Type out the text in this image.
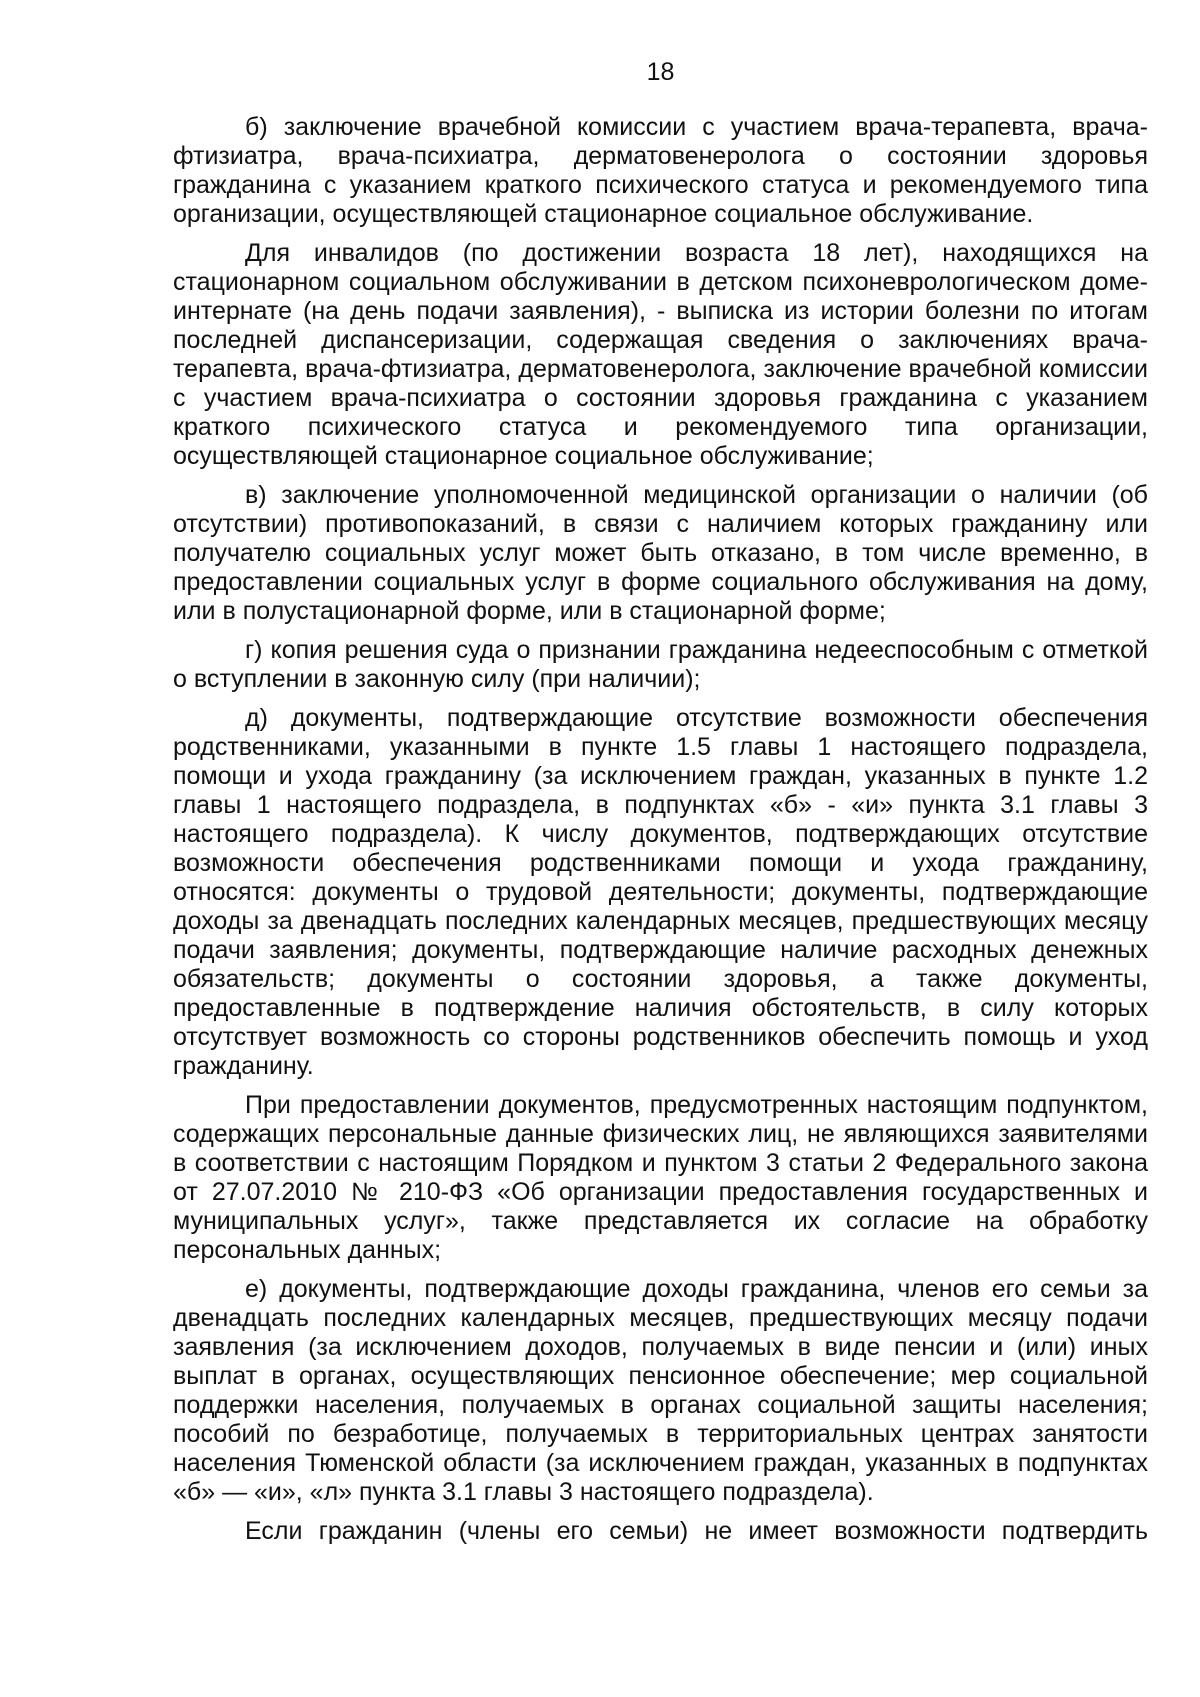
18

б) заключение врачебной комиссии с участием врача-терапевта, врача-фтизиатра, врача-психиатра, дерматовенеролога о состоянии здоровья гражданина с указанием краткого психического статуса и рекомендуемого типа организации, осуществляющей стационарное социальное обслуживание.

Для инвалидов (по достижении возраста 18 лет), находящихся на стационарном социальном обслуживании в детском психоневрологическом доме-интернате (на день подачи заявления), - выписка из истории болезни по итогам последней диспансеризации, содержащая сведения о заключениях врача-терапевта, врача-фтизиатра, дерматовенеролога, заключение врачебной комиссии с участием врача-психиатра о состоянии здоровья гражданина с указанием краткого психического статуса и рекомендуемого типа организации, осуществляющей стационарное социальное обслуживание;

в) заключение уполномоченной медицинской организации о наличии (об отсутствии) противопоказаний, в связи с наличием которых гражданину или получателю социальных услуг может быть отказано, в том числе временно, в предоставлении социальных услуг в форме социального обслуживания на дому, или в полустационарной форме, или в стационарной форме;

г) копия решения суда о признании гражданина недееспособным с отметкой о вступлении в законную силу (при наличии);

д) документы, подтверждающие отсутствие возможности обеспечения родственниками, указанными в пункте 1.5 главы 1 настоящего подраздела, помощи и ухода гражданину (за исключением граждан, указанных в пункте 1.2 главы 1 настоящего подраздела, в подпунктах «б» - «и» пункта 3.1 главы 3 настоящего подраздела). К числу документов, подтверждающих отсутствие возможности обеспечения родственниками помощи и ухода гражданину, относятся: документы о трудовой деятельности; документы, подтверждающие доходы за двенадцать последних календарных месяцев, предшествующих месяцу подачи заявления; документы, подтверждающие наличие расходных денежных обязательств; документы о состоянии здоровья, а также документы, предоставленные в подтверждение наличия обстоятельств, в силу которых отсутствует возможность со стороны родственников обеспечить помощь и уход гражданину.

При предоставлении документов, предусмотренных настоящим подпунктом, содержащих персональные данные физических лиц, не являющихся заявителями в соответствии с настоящим Порядком и пунктом 3 статьи 2 Федерального закона от 27.07.2010 № 210-ФЗ «Об организации предоставления государственных и муниципальных услуг», также представляется их согласие на обработку персональных данных;

е) документы, подтверждающие доходы гражданина, членов его семьи за двенадцать последних календарных месяцев, предшествующих месяцу подачи заявления (за исключением доходов, получаемых в виде пенсии и (или) иных выплат в органах, осуществляющих пенсионное обеспечение; мер социальной поддержки населения, получаемых в органах социальной защиты населения; пособий по безработице, получаемых в территориальных центрах занятости населения Тюменской области (за исключением граждан, указанных в подпунктах «б» — «и», «л» пункта 3.1 главы 3 настоящего подраздела).

Если гражданин (члены его семьи) не имеет возможности подтвердить
